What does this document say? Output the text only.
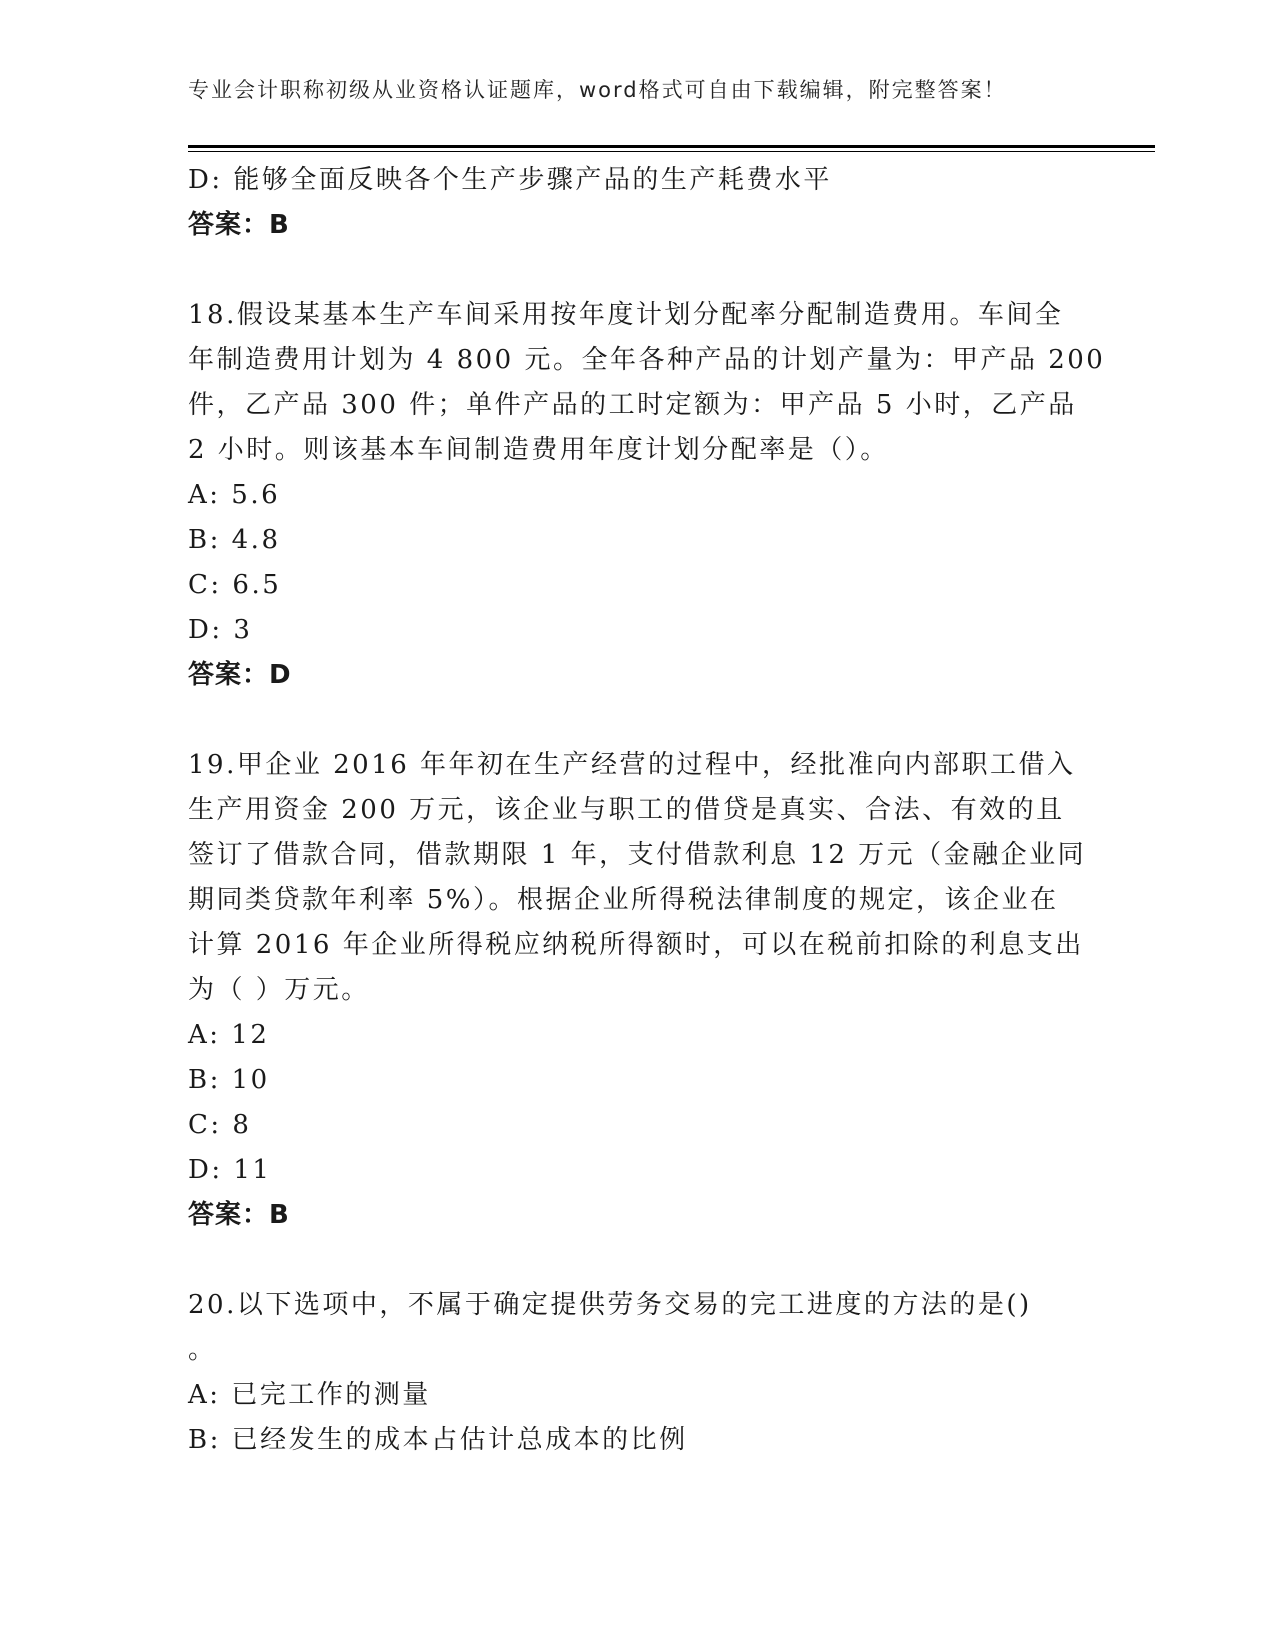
专业会计职称初级从业资格认证题库，word格式可自由下载编辑，附完整答案！
D: 能够全面反映各个生产步骤产品的生产耗费水平
答案：B
18.假设某基本生产车间采用按年度计划分配率分配制造费用。车间全
年制造费用计划为 4 800 元。全年各种产品的计划产量为：甲产品 200
件，乙产品 300 件；单件产品的工时定额为：甲产品 5 小时，乙产品
2 小时。则该基本车间制造费用年度计划分配率是（）。
A: 5.6
B: 4.8
C: 6.5
D: 3
答案：D
19.甲企业 2016 年年初在生产经营的过程中，经批准向内部职工借入
生产用资金 200 万元，该企业与职工的借贷是真实、合法、有效的且
签订了借款合同，借款期限 1 年，支付借款利息 12 万元（金融企业同
期同类贷款年利率 5%）。根据企业所得税法律制度的规定，该企业在
计算 2016 年企业所得税应纳税所得额时，可以在税前扣除的利息支出
为（ ）万元。
A: 12
B: 10
C: 8
D: 11
答案：B
20.以下选项中，不属于确定提供劳务交易的完工进度的方法的是()
。
A: 已完工作的测量
B: 已经发生的成本占估计总成本的比例
